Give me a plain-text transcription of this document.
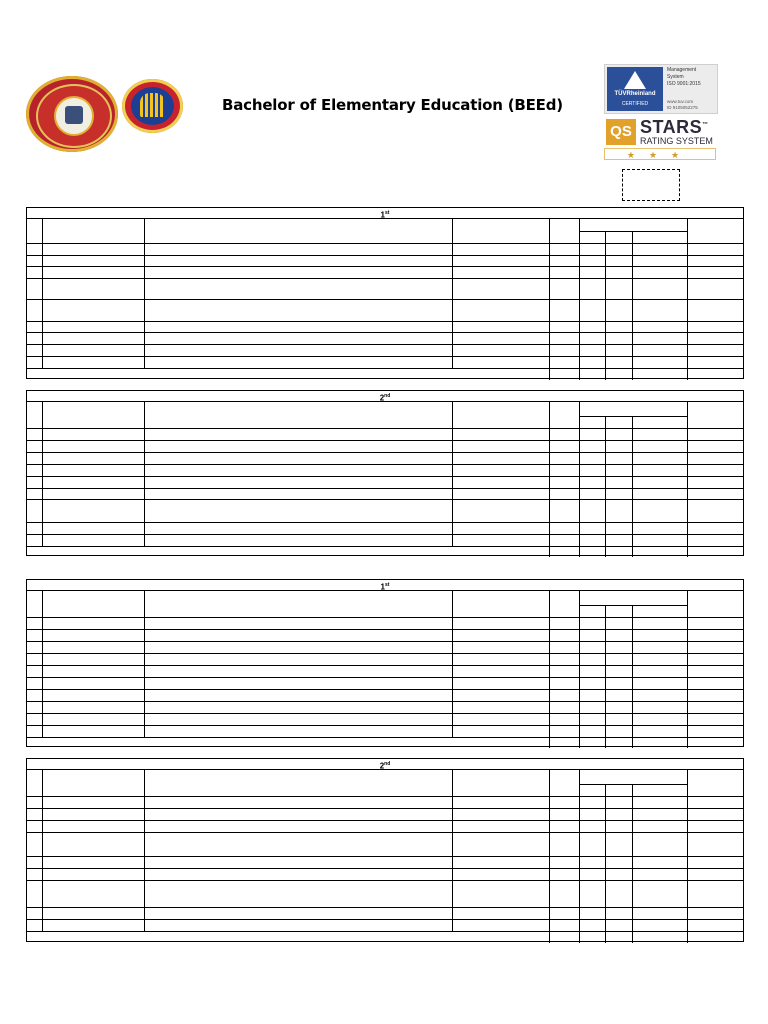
Bachelor of Elementary Education (BEEd)
TÜVRheinland
CERTIFIED
Management
System
ISO 9001:2015
www.tuv.com
ID 9105052275
QS STARS™
RATING SYSTEM
★★★
1st
2nd
1st
2nd
